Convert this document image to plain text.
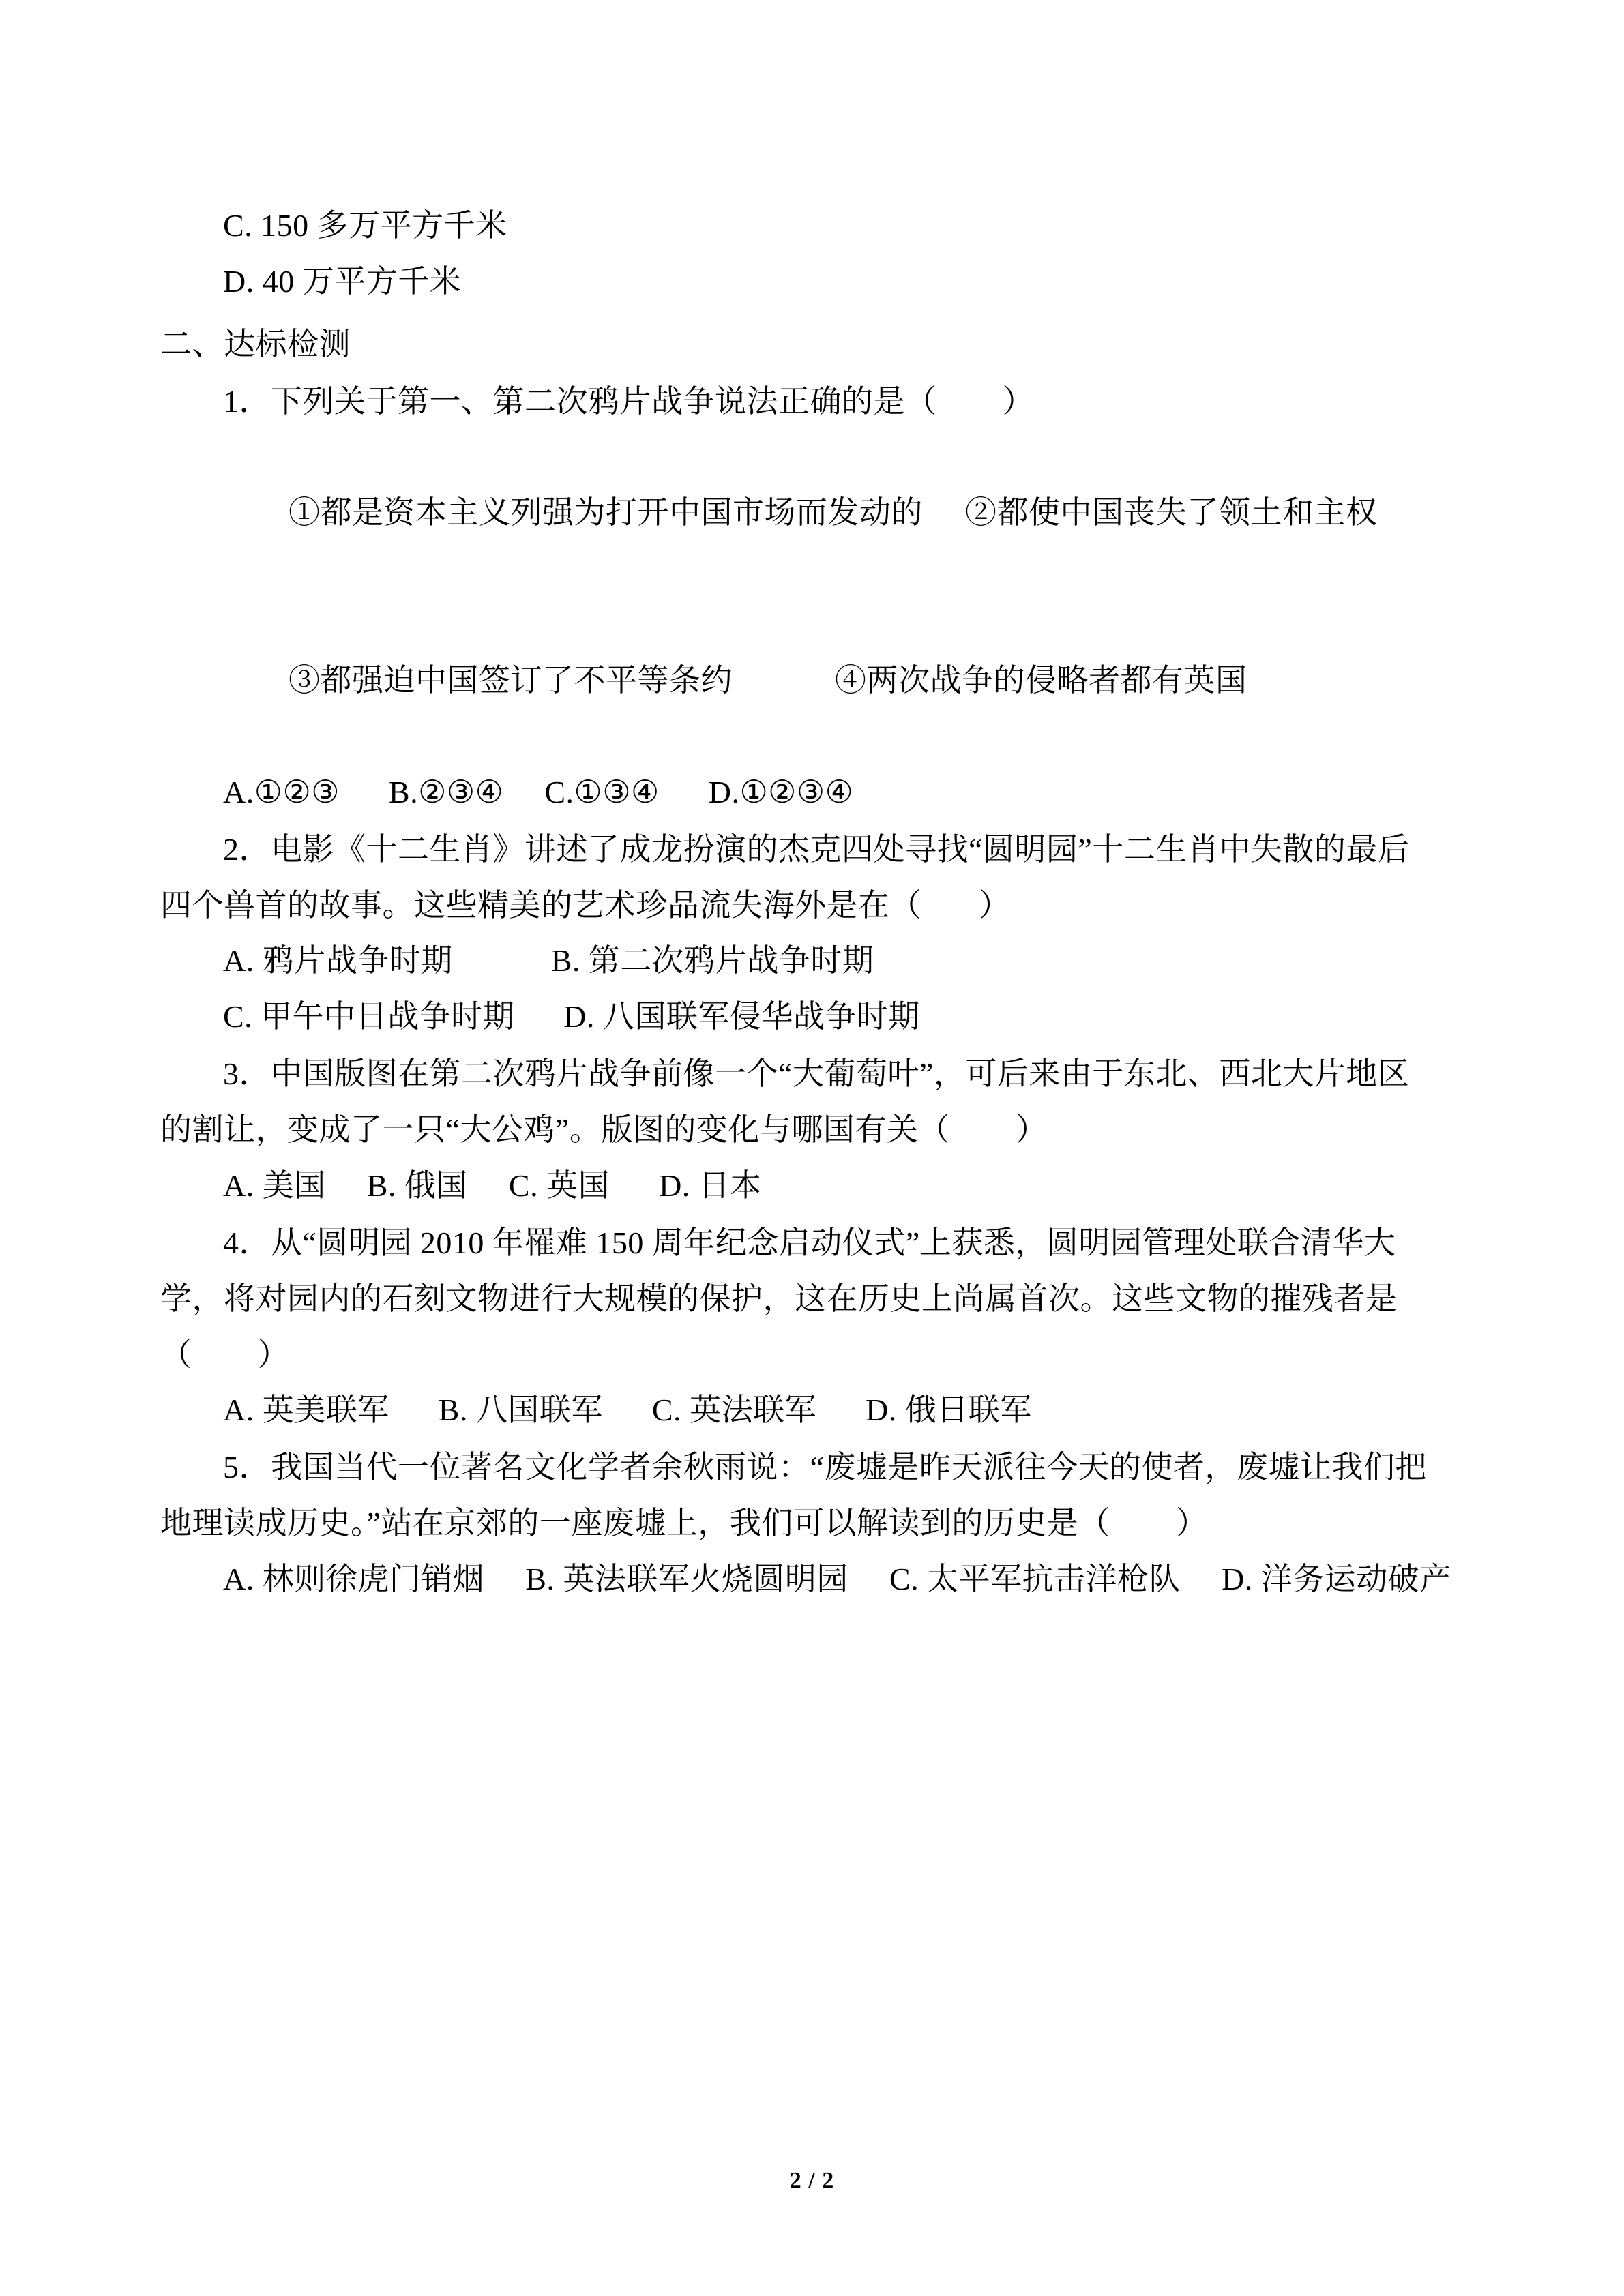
C. 150 多万平方千米
D. 40 万平方千米
二、达标检测
1．下列关于第一、第二次鸦片战争说法正确的是（        ）

①都是资本主义列强为打开中国市场而发动的 ②都使中国丧失了领土和主权

③都强迫中国签订了不平等条约	④两次战争的侵略者都有英国

A.①②③      B.②③④     C.①③④      D.①②③④
2．电影《十二生肖》讲述了成龙扮演的杰克四处寻找“圆明园”十二生肖中失散的最后
四个兽首的故事。这些精美的艺术珍品流失海外是在（       ）
A. 鸦片战争时期            B. 第二次鸦片战争时期
C. 甲午中日战争时期      D. 八国联军侵华战争时期
3．中国版图在第二次鸦片战争前像一个“大葡萄叶”，可后来由于东北、西北大片地区
的割让，变成了一只“大公鸡”。版图的变化与哪国有关（        ）
A. 美国     B. 俄国     C. 英国      D. 日本
4．从“圆明园 2010 年罹难 150 周年纪念启动仪式”上获悉，圆明园管理处联合清华大
学，将对园内的石刻文物进行大规模的保护，这在历史上尚属首次。这些文物的摧残者是
（        ）
A. 英美联军      B. 八国联军      C. 英法联军      D. 俄日联军
5．我国当代一位著名文化学者余秋雨说：“废墟是昨天派往今天的使者，废墟让我们把
地理读成历史。”站在京郊的一座废墟上，我们可以解读到的历史是（        ）
A. 林则徐虎门销烟     B. 英法联军火烧圆明园     C. 太平军抗击洋枪队     D. 洋务运动破产
2 / 2
